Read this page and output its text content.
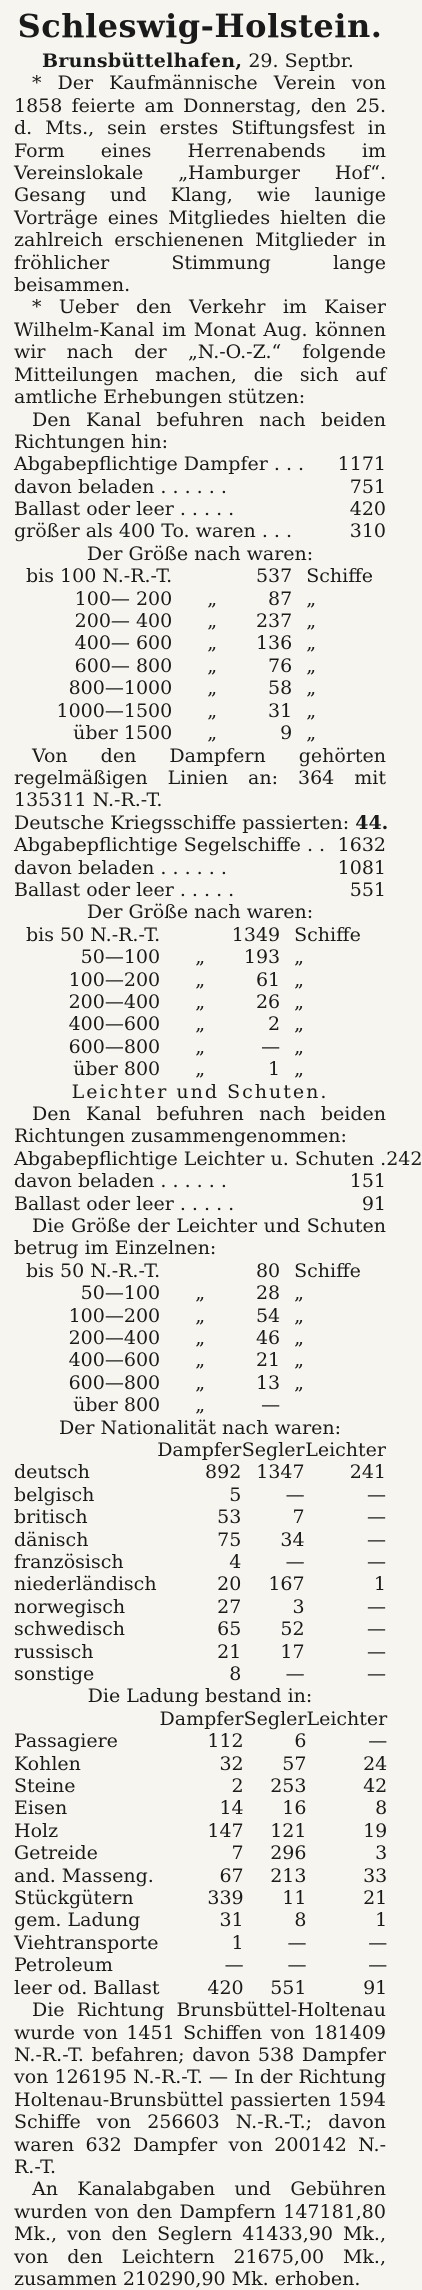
Schleswig-Holstein.

Brunsbüttelhafen, 29. Septbr.

* Der Kaufmännische Verein von 1858 feierte am Donnerstag, den 25. d. Mts., sein erstes Stiftungsfest in Form eines Herrenabends im Vereinslokale „Hamburger Hof“. Gesang und Klang, wie launige Vorträge eines Mitgliedes hielten die zahlreich erschienenen Mitglieder in fröhlicher Stimmung lange beisammen.

* Ueber den Verkehr im Kaiser Wilhelm-Kanal im Monat Aug. können wir nach der „N.-O.-Z.“ folgende Mitteilungen machen, die sich auf amtliche Erhebungen stützen:

Den Kanal befuhren nach beiden Richtungen hin:

Abgabepflichtige Dampfer . . .	1171
davon beladen . . . . . .	751
Ballast oder leer . . . . .	420
größer als 400 To. waren . . .	310
Der Größe nach waren:
bis 100 N.-R.-T.		537	Schiffe
100— 200	„	87	„
200— 400	„	237	„
400— 600	„	136	„
600— 800	„	76	„
800—1000	„	58	„
1000—1500	„	31	„
über 1500	„	9	„

Von den Dampfern gehörten regelmäßigen Linien an: 364 mit 135311 N.-R.-T.

Deutsche Kriegsschiffe passierten: 44.
Abgabepflichtige Segelschiffe . . 1632
davon beladen . . . . . .	1081
Ballast oder leer . . . . .	551
Der Größe nach waren:
bis 50 N.-R.-T.		1349	Schiffe
50—100	„	193	„
100—200	„	61	„
200—400	„	26	„
400—600	„	2	„
600—800	„	—	„
über 800	„	1	„
Leichter und Schuten.

Den Kanal befuhren nach beiden Richtungen zusammengenommen:

Abgabepflichtige Leichter u. Schuten . 242
davon beladen . . . . . .	151
Ballast oder leer . . . . .	91

Die Größe der Leichter und Schuten betrug im Einzelnen:

bis 50 N.-R.-T.		80	Schiffe
50—100	„	28	„
100—200	„	54	„
200—400	„	46	„
400—600	„	21	„
600—800	„	13	„
über 800	„	—	
Der Nationalität nach waren:
	Dampfer	Segler	Leichter
deutsch	892	1347	241
belgisch	5	—	—
britisch	53	7	—
dänisch	75	34	—
französisch	4	—	—
niederländisch	20	167	1
norwegisch	27	3	—
schwedisch	65	52	—
russisch	21	17	—
sonstige	8	—	—
Die Ladung bestand in:
	Dampfer	Segler	Leichter
Passagiere	112	6	—
Kohlen	32	57	24
Steine	2	253	42
Eisen	14	16	8
Holz	147	121	19
Getreide	7	296	3
and. Masseng.	67	213	33
Stückgütern	339	11	21
gem. Ladung	31	8	1
Viehtransporte	1	—	—
Petroleum	—	—	—
leer od. Ballast	420	551	91

Die Richtung Brunsbüttel-Holtenau wurde von 1451 Schiffen von 181409 N.-R.-T. befahren; davon 538 Dampfer von 126195 N.-R.-T. — In der Richtung Holtenau-Brunsbüttel passierten 1594 Schiffe von 256603 N.-R.-T.; davon waren 632 Dampfer von 200142 N.-R.-T.

An Kanalabgaben und Gebühren wurden von den Dampfern 147181,80 Mk., von den Seglern 41433,90 Mk., von den Leichtern 21675,00 Mk., zusammen 210290,90 Mk. erhoben.
